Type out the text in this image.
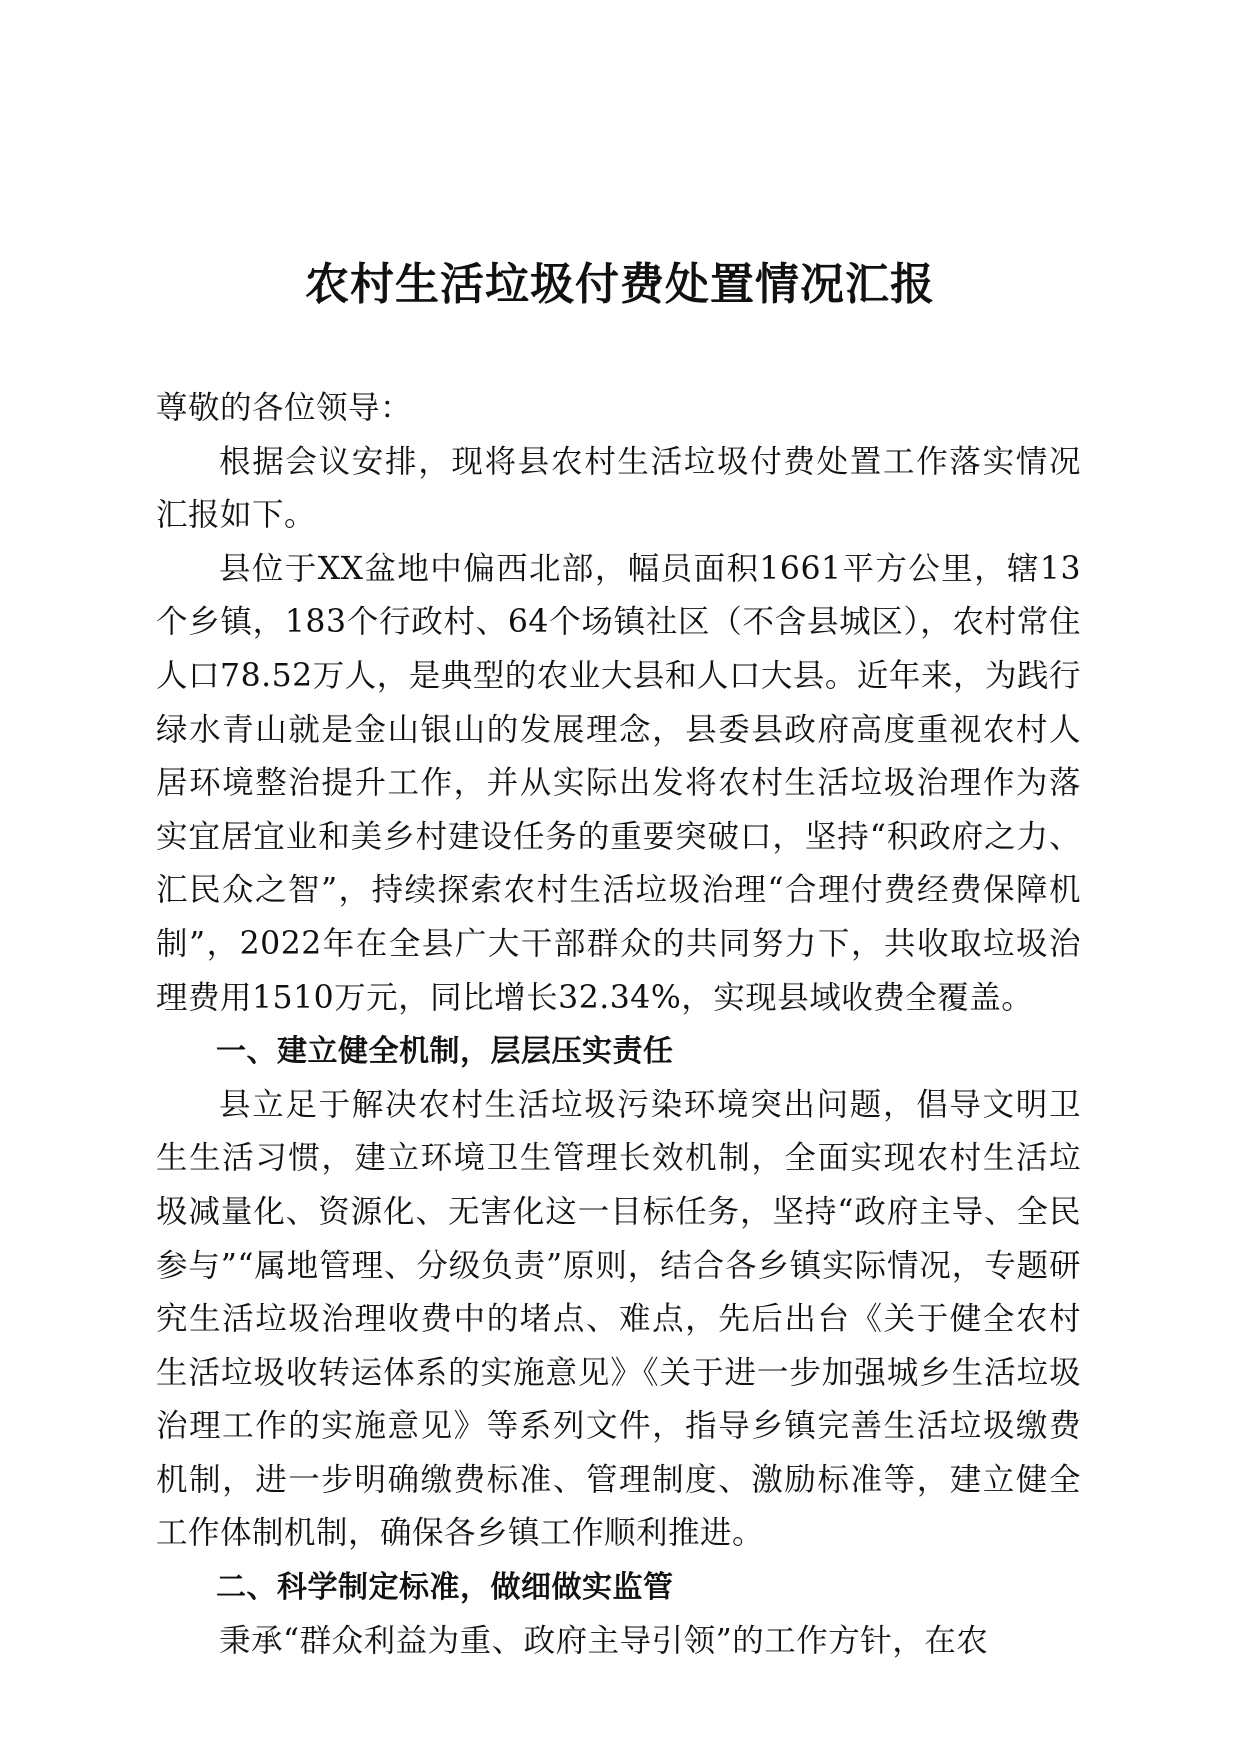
农村生活垃圾付费处置情况汇报

尊敬的各位领导：

根据会议安排，现将县农村生活垃圾付费处置工作落实情况汇报如下。

县位于XX盆地中偏西北部，幅员面积1661平方公里，辖13个乡镇，183个行政村、64个场镇社区（不含县城区），农村常住人口78.52万人，是典型的农业大县和人口大县。近年来，为践行绿水青山就是金山银山的发展理念，县委县政府高度重视农村人居环境整治提升工作，并从实际出发将农村生活垃圾治理作为落实宜居宜业和美乡村建设任务的重要突破口，坚持“积政府之力、汇民众之智”，持续探索农村生活垃圾治理“合理付费经费保障机制”，2022年在全县广大干部群众的共同努力下，共收取垃圾治理费用1510万元，同比增长32.34%，实现县域收费全覆盖。

一、建立健全机制，层层压实责任

县立足于解决农村生活垃圾污染环境突出问题，倡导文明卫生生活习惯，建立环境卫生管理长效机制，全面实现农村生活垃圾减量化、资源化、无害化这一目标任务，坚持“政府主导、全民参与”“属地管理、分级负责”原则，结合各乡镇实际情况，专题研究生活垃圾治理收费中的堵点、难点，先后出台《关于健全农村生活垃圾收转运体系的实施意见》《关于进一步加强城乡生活垃圾治理工作的实施意见》等系列文件，指导乡镇完善生活垃圾缴费机制，进一步明确缴费标准、管理制度、激励标准等，建立健全工作体制机制，确保各乡镇工作顺利推进。

二、科学制定标准，做细做实监管

秉承“群众利益为重、政府主导引领”的工作方针，在农
